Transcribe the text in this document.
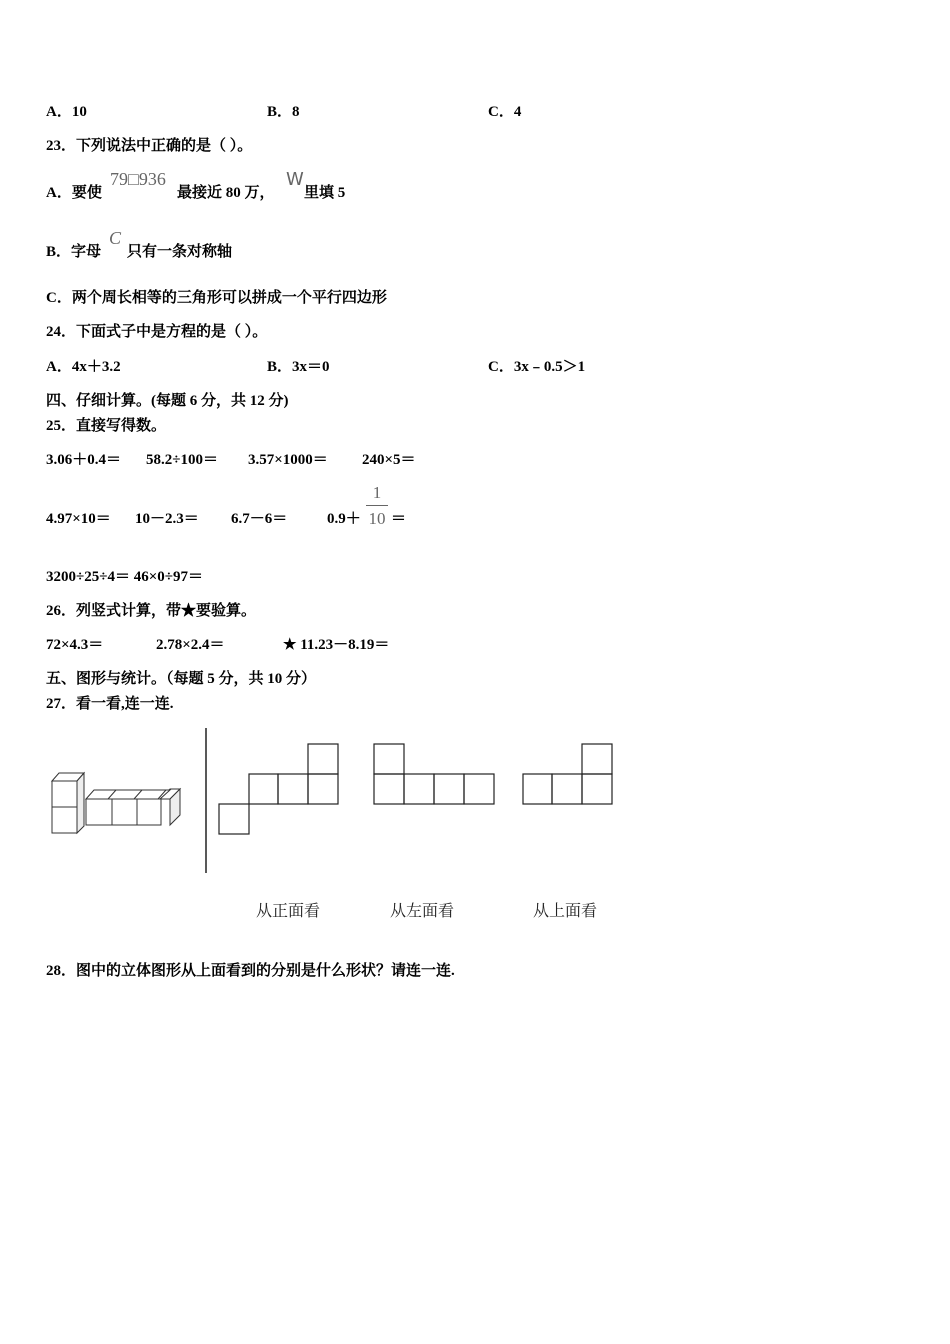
A．10	B．8	C．4
23．下列说法中正确的是（ ）。
A．要使
79□936
最接近 80 万，
W
里填 5
B．字母
C
只有一条对称轴
C．两个周长相等的三角形可以拼成一个平行四边形
24．下面式子中是方程的是（ ）。
A．4x＋3.2	B．3x＝0	C．3x﹣0.5＞1
四、仔细计算。(每题 6 分，共 12 分)
25．直接写得数。
3.06＋0.4＝ 58.2÷100＝ 3.57×1000＝ 240×5＝
4.97×10＝ 10－2.3＝ 6.7－6＝	0.9＋
1
10 ＝
3200÷25÷4＝ 46×0÷97＝
26．列竖式计算，带★要验算。
72×4.3＝	2.78×2.4＝	★ 11.23－8.19＝
五、图形与统计。（每题 5 分，共 10 分）
27．看一看,连一连.
从正面看	从左面看	从上面看
28．图中的立体图形从上面看到的分别是什么形状？请连一连.
